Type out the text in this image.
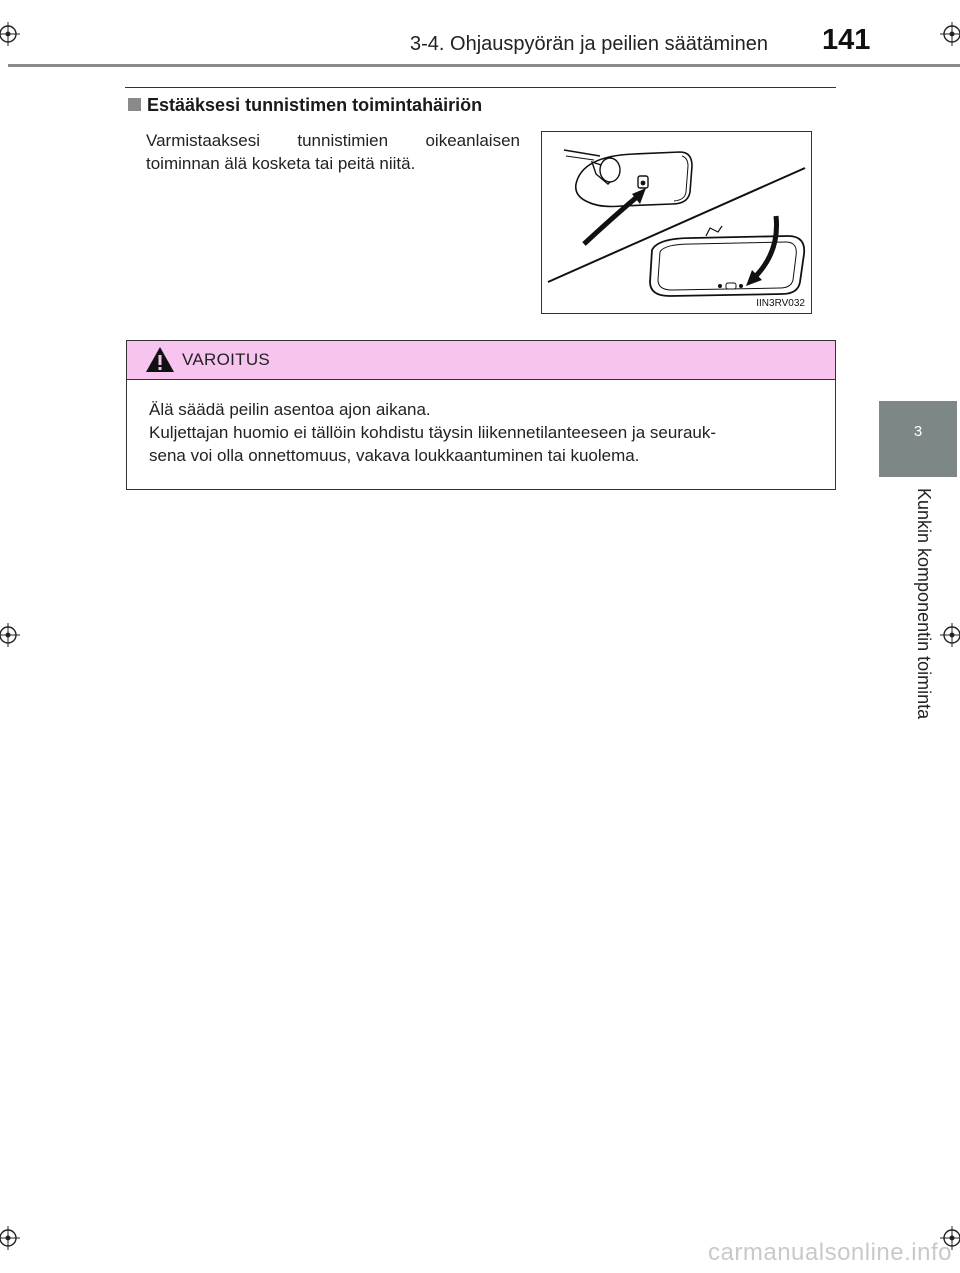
3-4. Ohjauspyörän ja peilien säätäminen 141
3
Kunkin komponentin toiminta
Estääksesi tunnistimen toimintahäiriön
Varmistaaksesi tunnistimien oikeanlaisen
toiminnan älä kosketa tai peitä niitä.
IIN3RV032
VAROITUS
Älä säädä peilin asentoa ajon aikana.
Kuljettajan huomio ei tällöin kohdistu täysin liikennetilanteeseen ja seurauk-
sena voi olla onnettomuus, vakava loukkaantuminen tai kuolema.
carmanualsonline.info
